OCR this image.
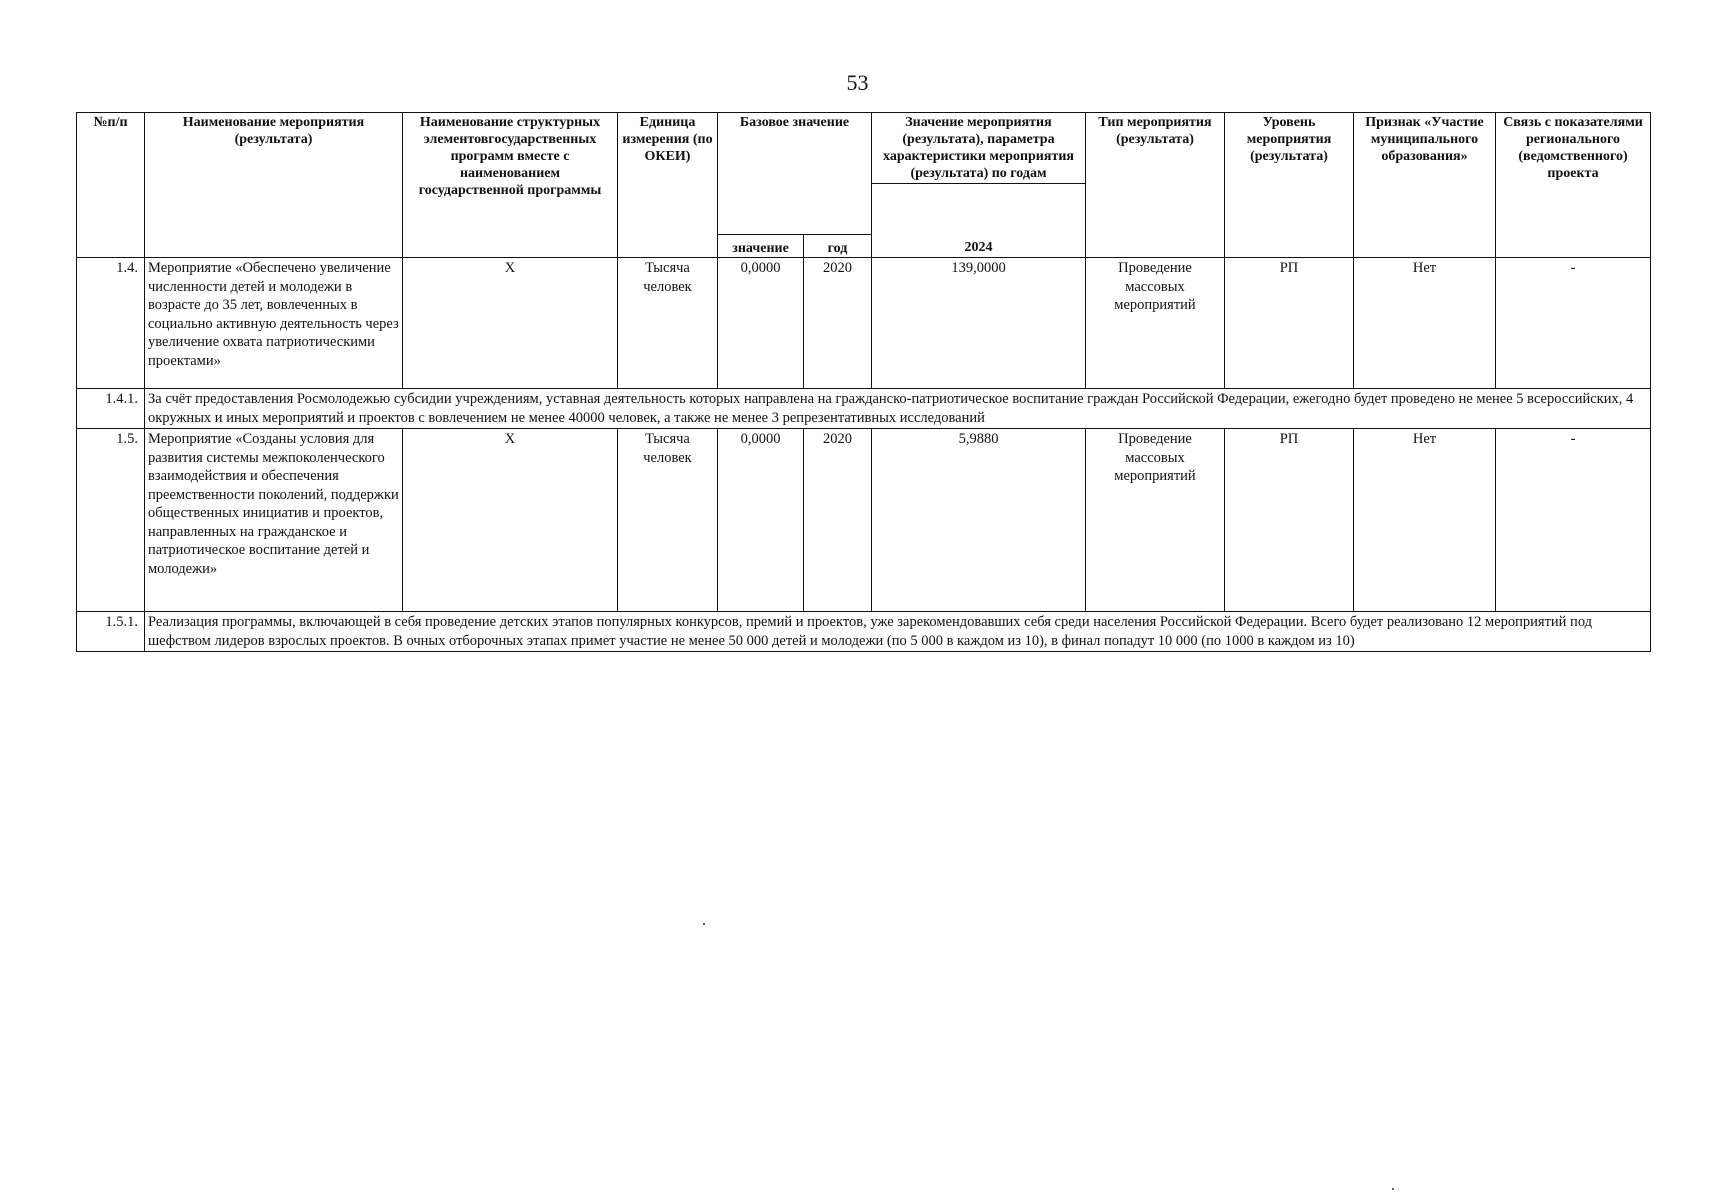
53
№п/п	Наименование мероприятия (результата)	Наименование структурных элементовгосударственных программ вместе с наименованием государственной программы	Единица измерения (по ОКЕИ)	Базовое значение		Значение мероприятия (результата), параметра характеристики мероприятия (результата) по годам	Тип мероприятия (результата)	Уровень мероприятия (результата)	Признак «Участие муниципального образования»	Связь с показателями регионального (ведомственного) проекта
						2024				
				значение	год					
1.4.	Мероприятие «Обеспечено увеличение численности детей и молодежи в возрасте до 35 лет, вовлеченных в социально активную деятельность через увеличение охвата патриотическими проектами»	X	Тысяча человек	0,0000	2020	139,0000	Проведение массовых мероприятий	РП	Нет	-
1.4.1.	За счёт предоставления Росмолодежью субсидии учреждениям, уставная деятельность которых направлена на гражданско-патриотическое воспитание граждан Российской Федерации, ежегодно будет проведено не менее 5 всероссийских, 4 окружных и иных мероприятий и проектов с вовлечением не менее 40000 человек, а также не менее 3 репрезентативных исследований									
1.5.	Мероприятие «Созданы условия для развития системы межпоколенческого взаимодействия и обеспечения преемственности поколений, поддержки общественных инициатив и проектов, направленных на гражданское и патриотическое воспитание детей и молодежи»	X	Тысяча человек	0,0000	2020	5,9880	Проведение массовых мероприятий	РП	Нет	-
1.5.1.	Реализация программы, включающей в себя проведение детских этапов популярных конкурсов, премий и проектов, уже зарекомендовавших себя среди населения Российской Федерации. Всего будет реализовано 12 мероприятий под шефством лидеров взрослых проектов. В очных отборочных этапах примет участие не менее 50 000 детей и молодежи (по 5 000 в каждом из 10), в финал попадут 10 000 (по 1000 в каждом из 10)									
